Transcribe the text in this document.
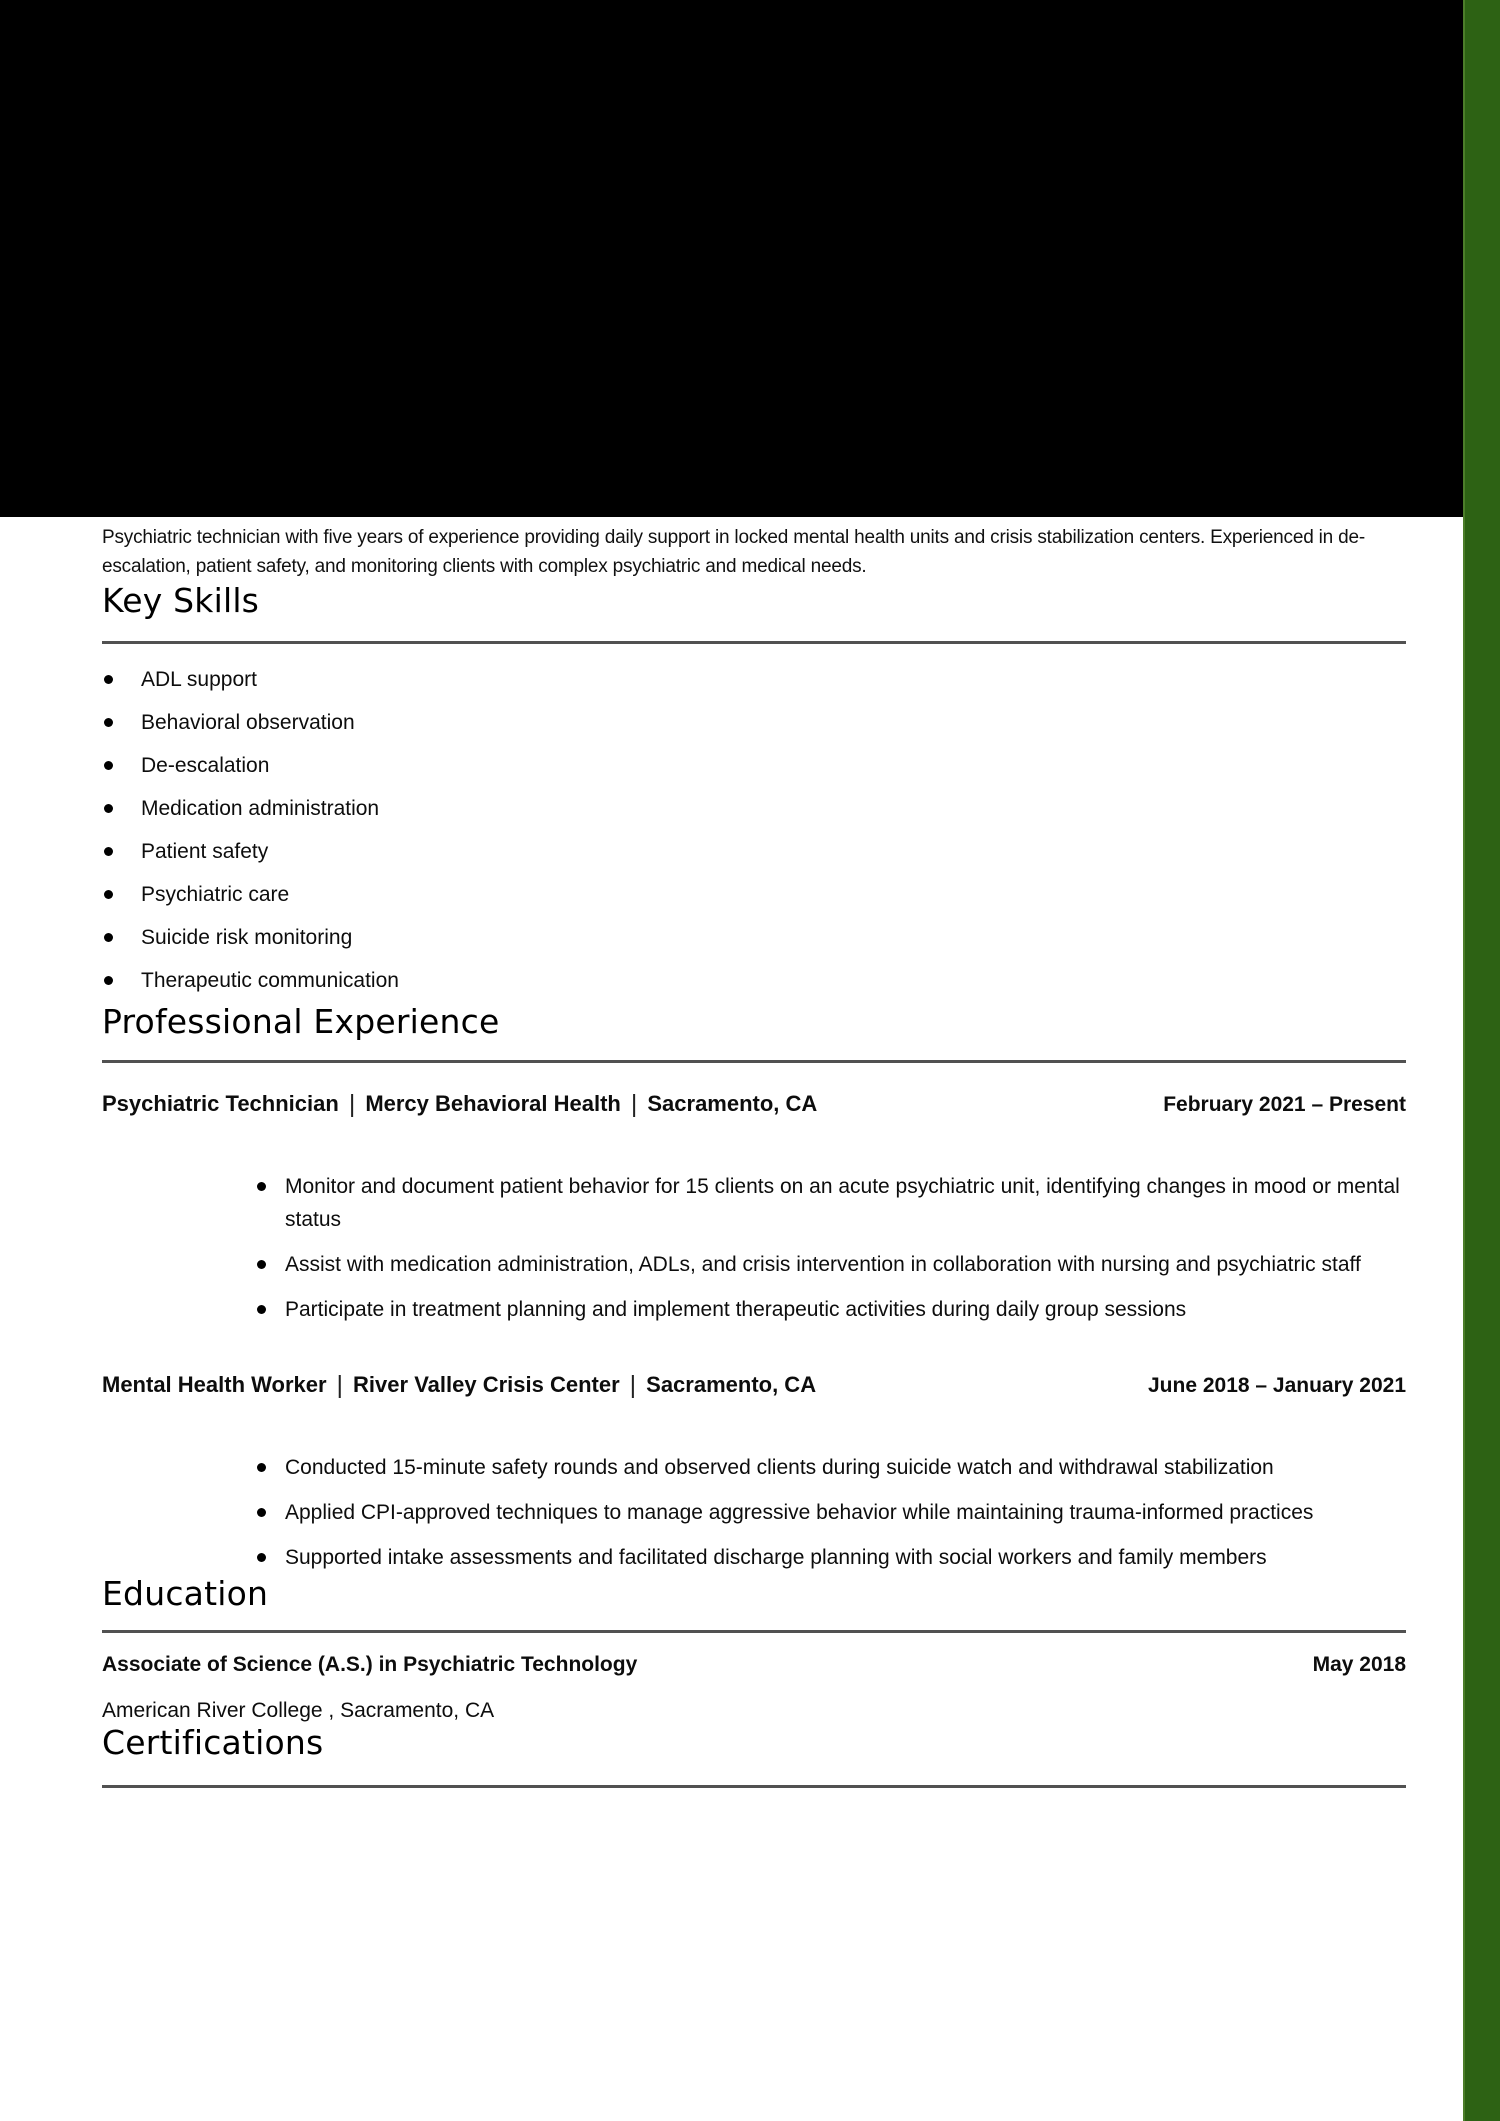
Psychiatric technician with five years of experience providing daily support in locked mental health units and crisis stabilization centers. Experienced in de-escalation, patient safety, and monitoring clients with complex psychiatric and medical needs.

Key Skills
ADL support
Behavioral observation
De-escalation
Medication administration
Patient safety
Psychiatric care
Suicide risk monitoring
Therapeutic communication
Professional Experience
Psychiatric Technician | Mercy Behavioral Health | Sacramento, CA	February 2021 – Present
Monitor and document patient behavior for 15 clients on an acute psychiatric unit, identifying changes in mood or mental status
Assist with medication administration, ADLs, and crisis intervention in collaboration with nursing and psychiatric staff
Participate in treatment planning and implement therapeutic activities during daily group sessions
Mental Health Worker | River Valley Crisis Center | Sacramento, CA	June 2018 – January 2021
Conducted 15-minute safety rounds and observed clients during suicide watch and withdrawal stabilization
Applied CPI-approved techniques to manage aggressive behavior while maintaining trauma-informed practices
Supported intake assessments and facilitated discharge planning with social workers and family members
Education
Associate of Science (A.S.) in Psychiatric Technology	May 2018
American River College , Sacramento, CA
Certifications
